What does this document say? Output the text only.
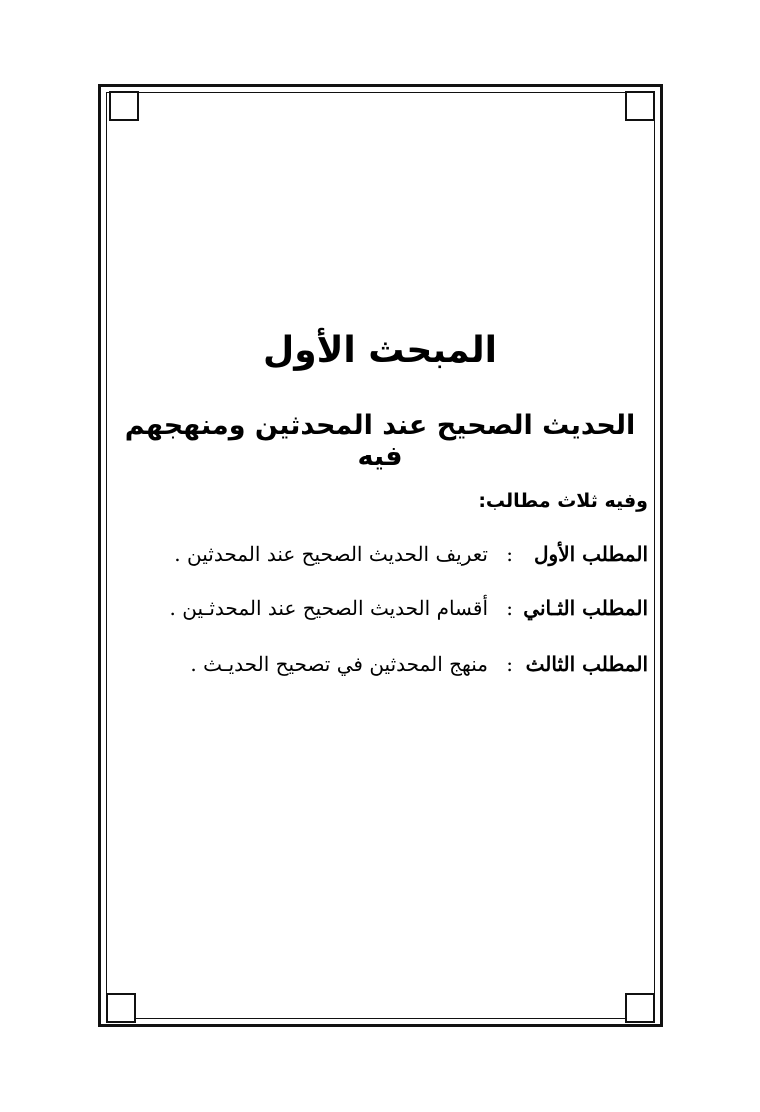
المبحث الأول
الحديث الصحيح عند المحدثين ومنهجهم فيه
وفيه ثلاث مطالب:
المطلب الأول
:
تعريف الحديث الصحيح عند المحدثين .
المطلب الثـاني
:
أقسام الحديث الصحيح عند المحدثـين .
المطلب الثالث
:
منهج المحدثين في تصحيح الحديـث .
